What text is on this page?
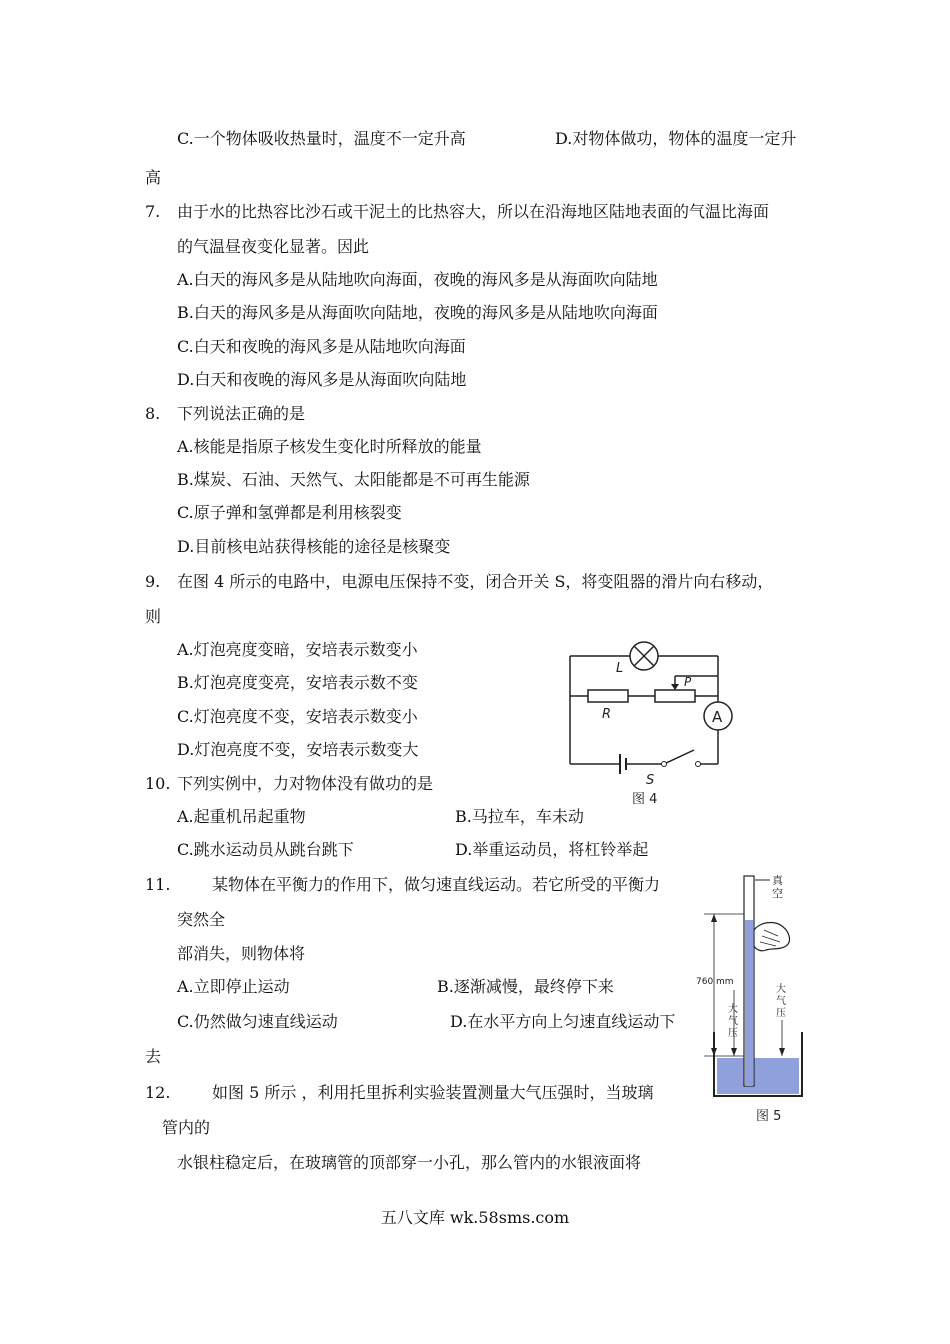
C.一个物体吸收热量时，温度不一定升高	D.对物体做功，物体的温度一定升
高
7. 由于水的比热容比沙石或干泥土的比热容大，所以在沿海地区陆地表面的气温比海面
的气温昼夜变化显著。因此
A.白天的海风多是从陆地吹向海面，夜晚的海风多是从海面吹向陆地
B.白天的海风多是从海面吹向陆地，夜晚的海风多是从陆地吹向海面
C.白天和夜晚的海风多是从陆地吹向海面
D.白天和夜晚的海风多是从海面吹向陆地
8. 下列说法正确的是
A.核能是指原子核发生变化时所释放的能量
B.煤炭、石油、天然气、太阳能都是不可再生能源
C.原子弹和氢弹都是利用核裂变
D.目前核电站获得核能的途径是核聚变
9. 在图 4 所示的电路中，电源电压保持不变，闭合开关 S，将变阻器的滑片向右移动，
则
A.灯泡亮度变暗，安培表示数变小
B.灯泡亮度变亮，安培表示数不变
C.灯泡亮度不变，安培表示数变小
D.灯泡亮度不变，安培表示数变大
L
R
P
A
S
图 4
10. 下列实例中，力对物体没有做功的是
A.起重机吊起重物	B.马拉车，车未动
C.跳水运动员从跳台跳下	D.举重运动员，将杠铃举起
11.	某物体在平衡力的作用下，做匀速直线运动。若它所受的平衡力
突然全
部消失，则物体将
A.立即停止运动	B.逐渐减慢，最终停下来
C.仍然做匀速直线运动	D.在水平方向上匀速直线运动下
去
真
空
760 mm
大
气
压
大
气
压
图 5
12.	如图 5 所示 ，利用托里拆利实验装置测量大气压强时，当玻璃
管内的
水银柱稳定后，在玻璃管的顶部穿一小孔，那么管内的水银液面将
五八文库 wk.58sms.com
